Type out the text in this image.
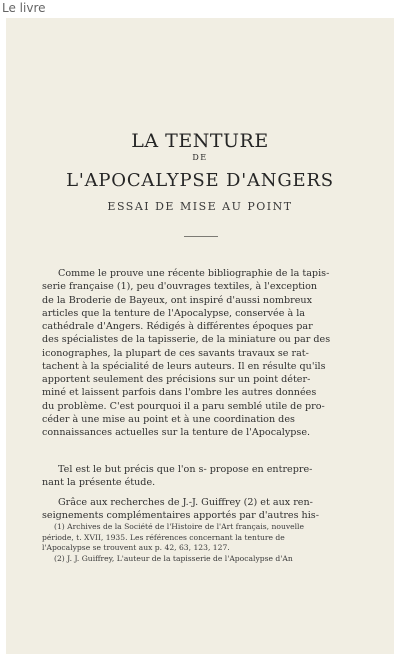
Le livre
LA TENTURE
DE
L'APOCALYPSE D'ANGERS
ESSAI DE MISE AU POINT
Comme le prouve une récente bibliographie de la tapis-
serie française (1), peu d'ouvrages textiles, à l'exception
de la Broderie de Bayeux, ont inspiré d'aussi nombreux
articles que la tenture de l'Apocalypse, conservée à la
cathédrale d'Angers. Rédigés à différentes époques par
des spécialistes de la tapisserie, de la miniature ou par des
iconographes, la plupart de ces savants travaux se rat-
tachent à la spécialité de leurs auteurs. Il en résulte qu'ils
apportent seulement des précisions sur un point déter-
miné et laissent parfois dans l'ombre les autres données
du problème. C'est pourquoi il a paru semblé utile de pro-
céder à une mise au point et à une coordination des
connaissances actuelles sur la tenture de l'Apocalypse.
Tel est le but précis que l'on s- propose en entrepre-
nant la présente étude.
Grâce aux recherches de J.-J. Guiffrey (2) et aux ren-
seignements complémentaires apportés par d'autres his-
(1) Archives de la Société de l'Histoire de l'Art français, nouvelle
période, t. XVII, 1935. Les références concernant la tenture de
l'Apocalypse se trouvent aux p. 42, 63, 123, 127.
(2) J. J. Guiffrey, L'auteur de la tapisserie de l'Apocalypse d'An
